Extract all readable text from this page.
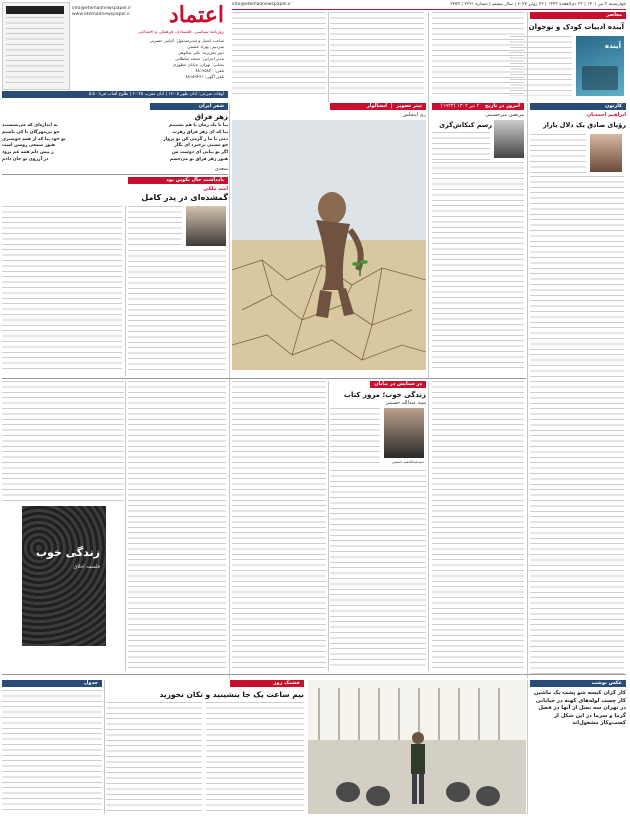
info@etemadnewspaper.ir	چهارشنبه ۲ تیر ۱۴۰۱ | ۲۳ ذی‌القعده ۱۴۴۳ | ۲۲ ژوئن ۲۰۲۲ | سال بیستم | شماره ۲۲۲۱ | ۲۴۵۹
معاصر
آینده ادبیات کودک و نوجوان
آینده
اعتماد
info@etemadnewspaper.ir
www.etemadnewspaper.ir
روزنامه سیاسی، اقتصادی، فرهنگی و اجتماعی
صاحب امتیاز و مدیرمسئول: الیاس حضرتی
سردبیر: بهزاد عشقی
دبیر تحریریه: علی شکوهی
مدیر اجرایی: محمد سلطانی
نشانی: تهران، خیابان مطهری
تلفن: ۸۸۱۹۵۸۴۰
تلفن آگهی: ۸۸۱۵۹۴۹۱
اوقات شرعی: اذان ظهر ۱۳:۰۵ | اذان مغرب ۲۰:۴۵ | طلوع آفتاب فردا ۵:۵۰
کارتون
ابراهیم احمدیان
رؤیای صادق یک دلال بازار
امروز در تاریخ ۲ تیر ۱۳۰۲ (۱۹۲۳)
مرتضی میرحسینی
رسم کنکاش‌گری
تیتر تصویر | آبشالوار
ری اینجلس
شعر ایران
زهر فراق
بیا تا یک زمان با هم نشینیم
به اندازه‌ای که می‌نشستند
بیا که ای زهر فراق زهرت
چو بی‌مهرگان تا کی باشیم
دمی با ما ز گرمی کن تو پرواز
تو خود بیا که از همه خوشتری
چو مستی برخیزد ای نگار
هنوز شمعی روشن است
اگر تو بیایی ای دوست من
ز پیش دلم همه غم برود
هنوز زهر فراق تو می‌چشم
در آرزوی تو جان دادم
سعدی
یادداشت حال نکوین بود
امید ملکی
گمشده‌ای در پدر کامل
در ستایش در بیابان
زندگی خوب؛ مرور کتاب
سید عبدالله حسینی
سیدعبدالحمید حسینی
زندگی خوب
فلسفه اخلاق
عکس نوشت
کار گران کیسه شو پشت یک ماشین کار چسب لوله‌های کهنه در خیابانی در تهران سه نسل از آنها در فصل گرما و سرما در این شکل از کسب‌وکار مشغول‌اند
خشتک روز
نیم ساعت یک جا بنشینید و تکان نخورید
جدول
